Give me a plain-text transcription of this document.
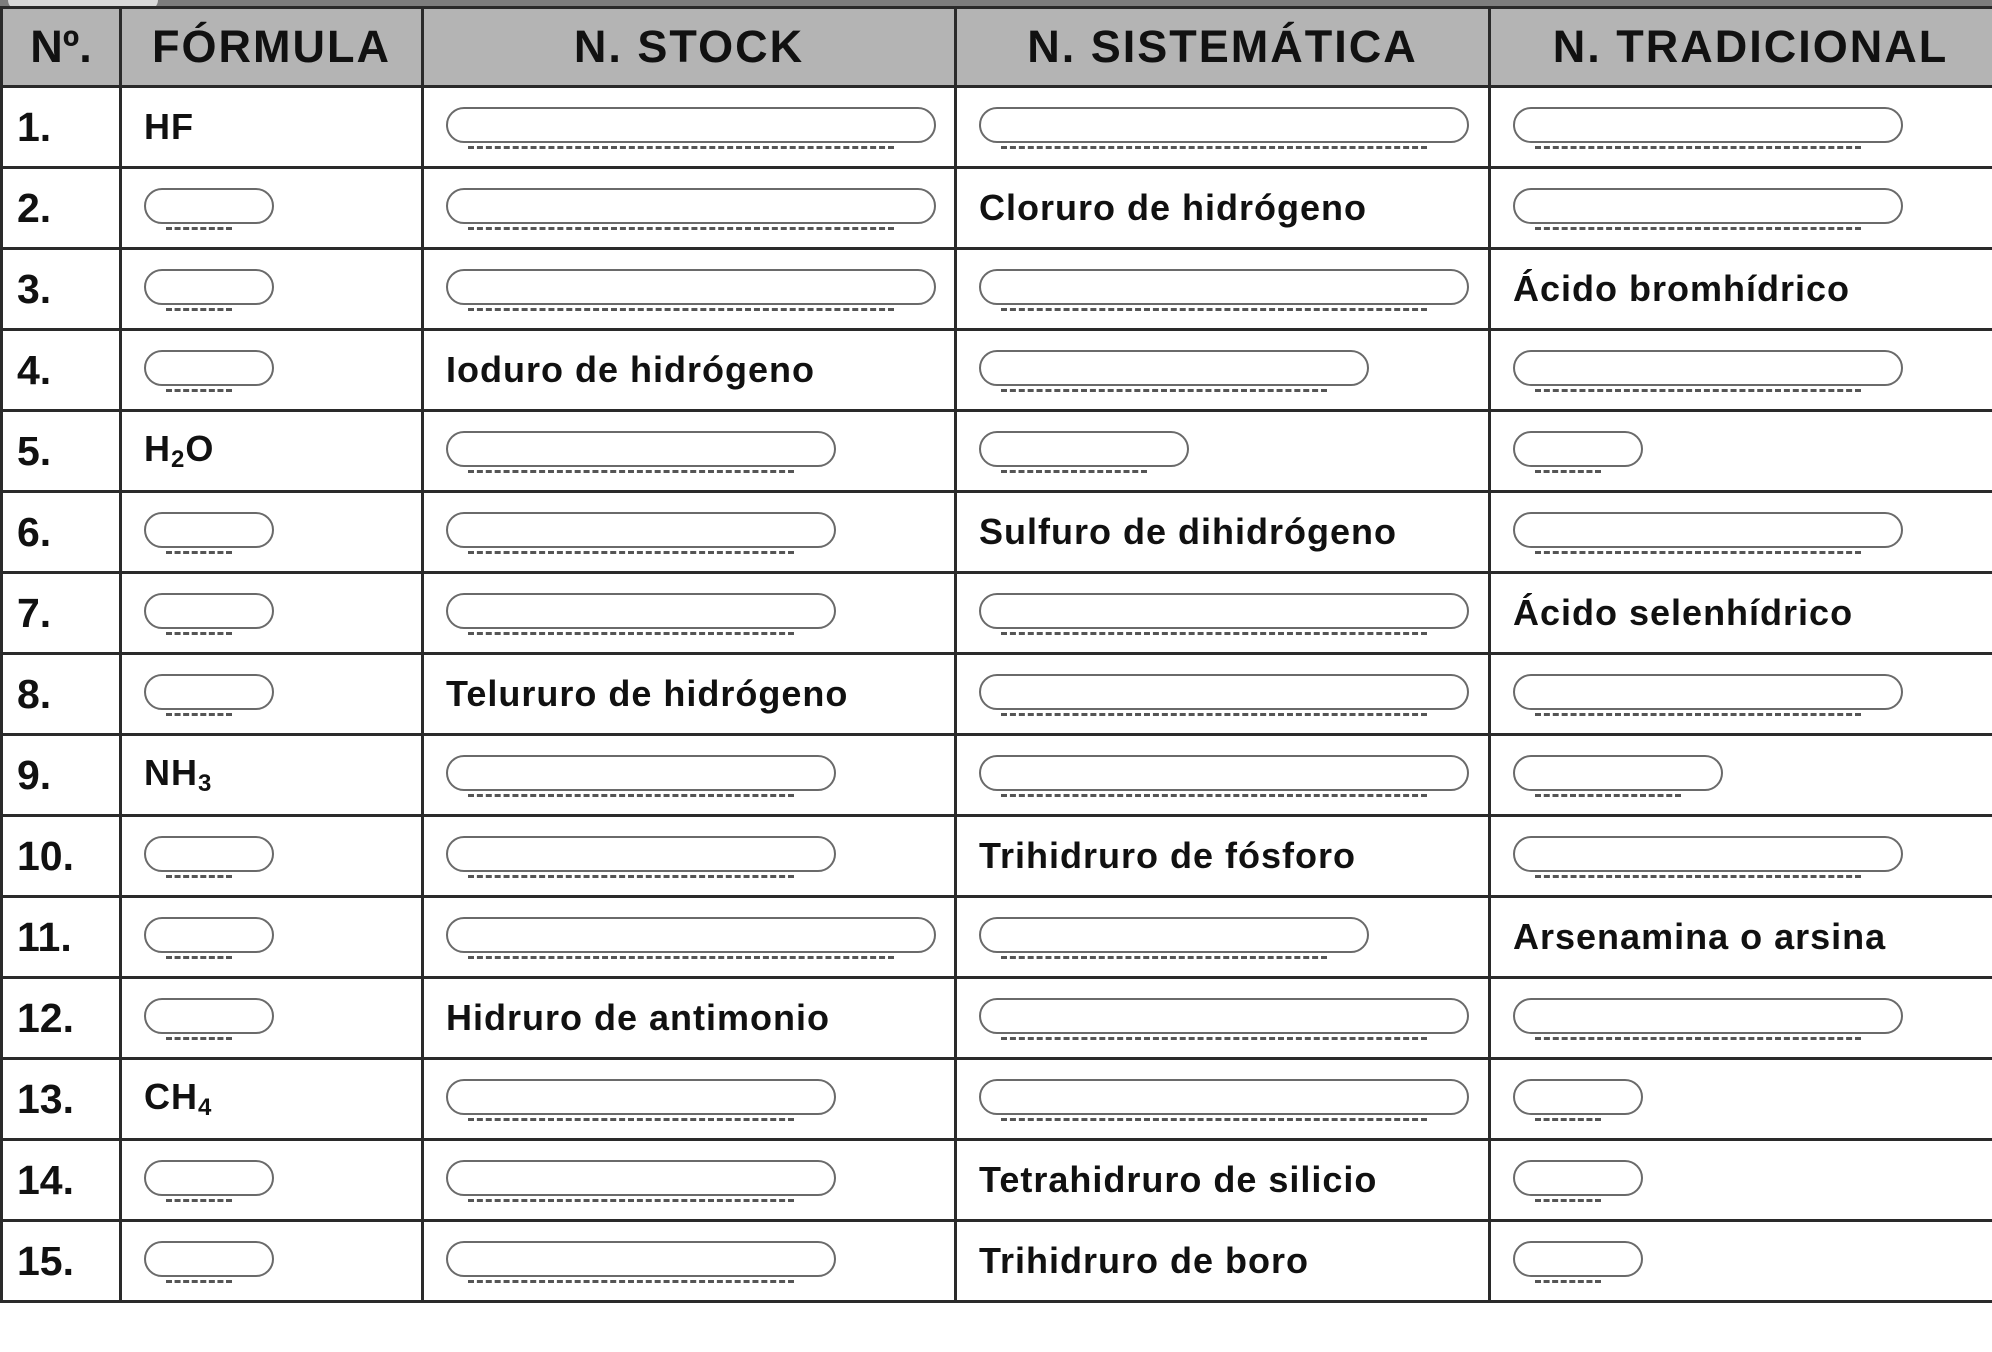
Nº.	FÓRMULA	N. STOCK	N. SISTEMÁTICA	N. TRADICIONAL
1.	HF			
2.			Cloruro de hidrógeno	
3.				Ácido bromhídrico
4.		Ioduro de hidrógeno		
5.	$H_2O$			
6.			Sulfuro de dihidrógeno	
7.				Ácido selenhídrico
8.		Telururo de hidrógeno		
9.	$NH_3$			
10.			Trihidruro de fósforo	
11.				Arsenamina o arsina
12.		Hidruro de antimonio		
13.	$CH_4$			
14.			Tetrahidruro de silicio	
15.			Trihidruro de boro	
